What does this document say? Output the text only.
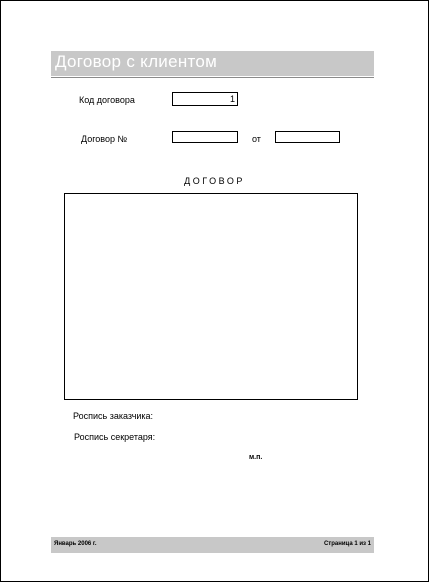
Договор с клиентом
Код договора	1
Договор №	от
ДОГОВОР
Роспись заказчика:
Роспись секретаря:
м.п.
Январь 2006 г.	Страница 1 из 1
